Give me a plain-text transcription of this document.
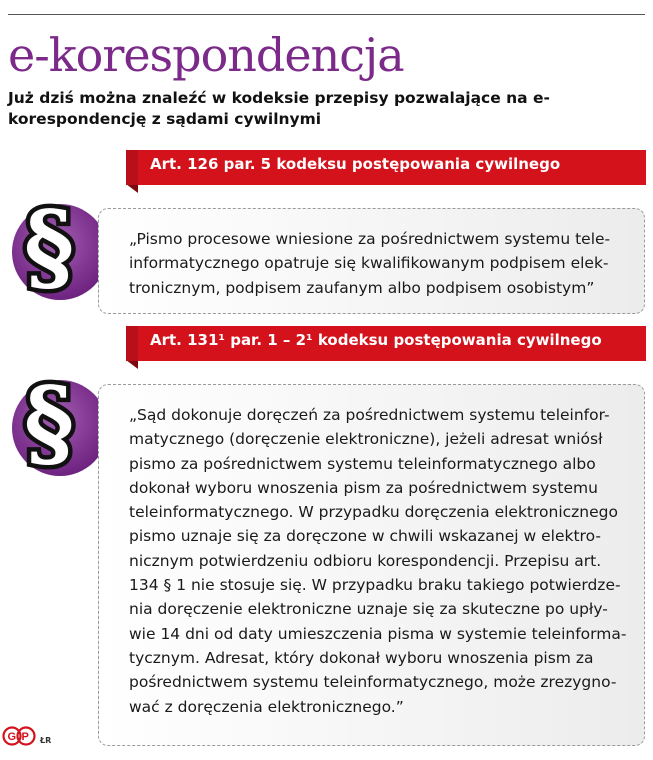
e-korespondencja

Już dziś można znaleźć w kodeksie przepisy pozwalające na e-korespondencję z sądami cywilnymi

Art. 126 par. 5 kodeksu postępowania cywilnego
§	„Pismo procesowe wniesione za pośrednictwem systemu tele-
informatycznego opatruje się kwalifikowanym podpisem elek-
tronicznym, podpisem zaufanym albo podpisem osobistym”
Art. 131¹ par. 1 – 2¹ kodeksu postępowania cywilnego
§	„Sąd dokonuje doręczeń za pośrednictwem systemu teleinfor-
matycznego (doręczenie elektroniczne), jeżeli adresat wniósł
pismo za pośrednictwem systemu teleinformatycznego albo
dokonał wyboru wnoszenia pism za pośrednictwem systemu
teleinformatycznego. W przypadku doręczenia elektronicznego
pismo uznaje się za doręczone w chwili wskazanej w elektro-
nicznym potwierdzeniu odbioru korespondencji. Przepisu art.
134 § 1 nie stosuje się. W przypadku braku takiego potwierdze-
nia doręczenie elektroniczne uznaje się za skuteczne po upły-
wie 14 dni od daty umieszczenia pisma w systemie teleinforma-
tycznym. Adresat, który dokonał wyboru wnoszenia pism za
pośrednictwem systemu teleinformatycznego, może zrezygno-
wać z doręczenia elektronicznego.”
G P ŁR
